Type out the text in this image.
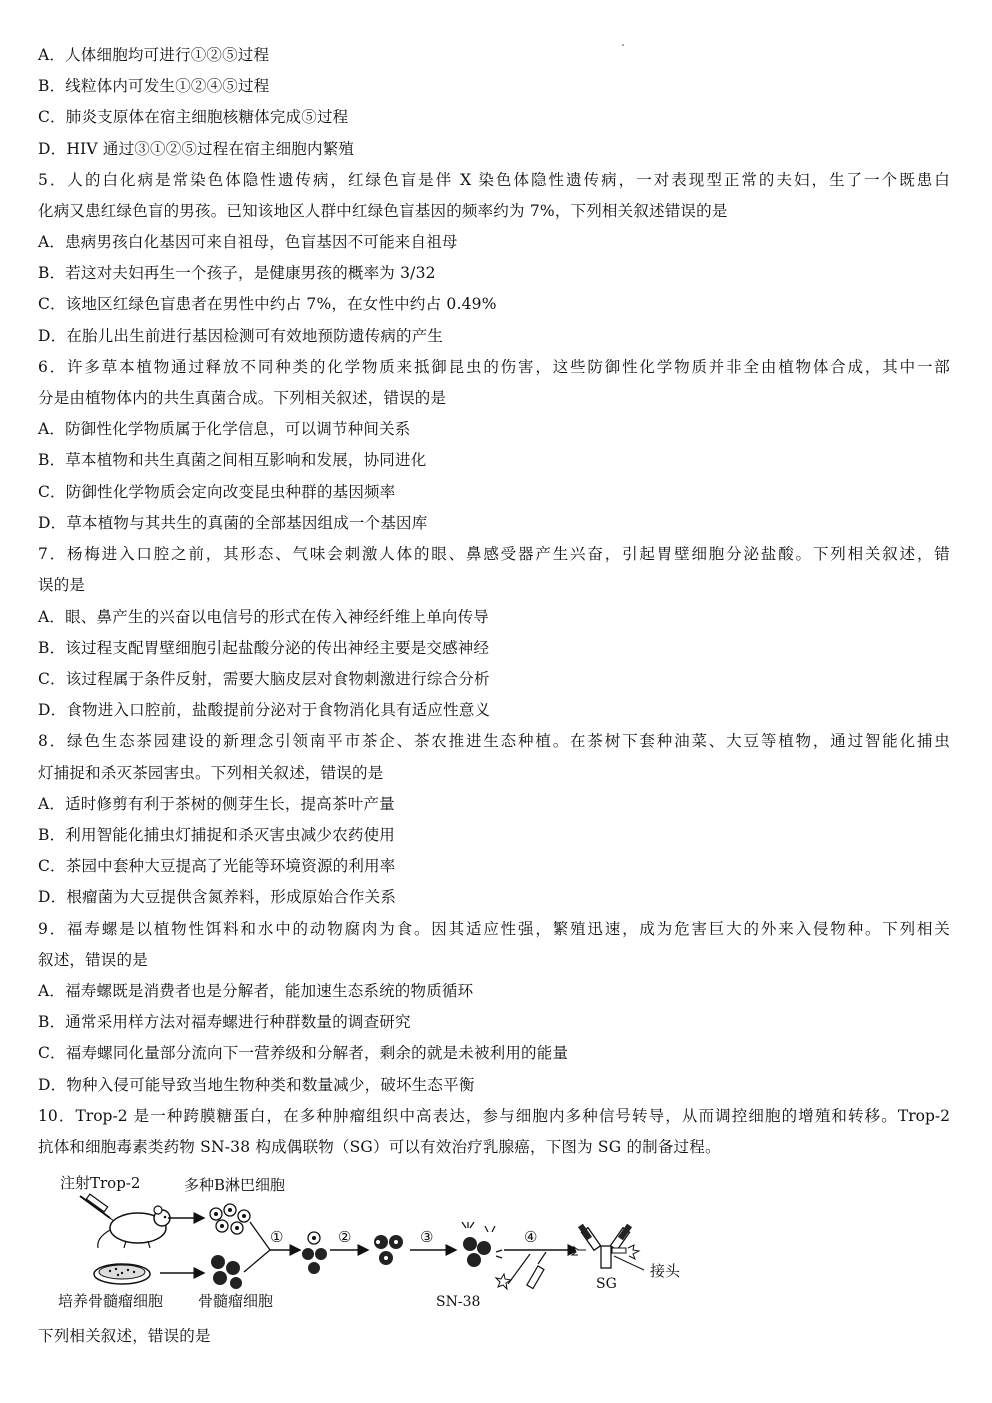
A．人体细胞均可进行①②⑤过程
B．线粒体内可发生①②④⑤过程
C．肺炎支原体在宿主细胞核糖体完成⑤过程
D．HIV 通过③①②⑤过程在宿主细胞内繁殖
5．人的白化病是常染色体隐性遗传病，红绿色盲是伴 X 染色体隐性遗传病，一对表现型正常的夫妇，生了一个既患白
化病又患红绿色盲的男孩。已知该地区人群中红绿色盲基因的频率约为 7%，下列相关叙述错误的是
A．患病男孩白化基因可来自祖母，色盲基因不可能来自祖母
B．若这对夫妇再生一个孩子，是健康男孩的概率为 3/32
C．该地区红绿色盲患者在男性中约占 7%，在女性中约占 0.49%
D．在胎儿出生前进行基因检测可有效地预防遗传病的产生
6．许多草本植物通过释放不同种类的化学物质来抵御昆虫的伤害，这些防御性化学物质并非全由植物体合成，其中一部
分是由植物体内的共生真菌合成。下列相关叙述，错误的是
A．防御性化学物质属于化学信息，可以调节种间关系
B．草本植物和共生真菌之间相互影响和发展，协同进化
C．防御性化学物质会定向改变昆虫种群的基因频率
D．草本植物与其共生的真菌的全部基因组成一个基因库
7．杨梅进入口腔之前，其形态、气味会刺激人体的眼、鼻感受器产生兴奋，引起胃壁细胞分泌盐酸。下列相关叙述，错
误的是
A．眼、鼻产生的兴奋以电信号的形式在传入神经纤维上单向传导
B．该过程支配胃壁细胞引起盐酸分泌的传出神经主要是交感神经
C．该过程属于条件反射，需要大脑皮层对食物刺激进行综合分析
D．食物进入口腔前，盐酸提前分泌对于食物消化具有适应性意义
8．绿色生态茶园建设的新理念引领南平市茶企、茶农推进生态种植。在茶树下套种油菜、大豆等植物，通过智能化捕虫
灯捕捉和杀灭茶园害虫。下列相关叙述，错误的是
A．适时修剪有利于茶树的侧芽生长，提高茶叶产量
B．利用智能化捕虫灯捕捉和杀灭害虫减少农药使用
C．茶园中套种大豆提高了光能等环境资源的利用率
D．根瘤菌为大豆提供含氮养料，形成原始合作关系
9．福寿螺是以植物性饵料和水中的动物腐肉为食。因其适应性强，繁殖迅速，成为危害巨大的外来入侵物种。下列相关
叙述，错误的是
A．福寿螺既是消费者也是分解者，能加速生态系统的物质循环
B．通常采用样方法对福寿螺进行种群数量的调查研究
C．福寿螺同化量部分流向下一营养级和分解者，剩余的就是未被利用的能量
D．物种入侵可能导致当地生物种类和数量减少，破坏生态平衡
10．Trop-2 是一种跨膜糖蛋白，在多种肿瘤组织中高表达，参与细胞内多种信号转导，从而调控细胞的增殖和转移。Trop-2
抗体和细胞毒素类药物 SN-38 构成偶联物（SG）可以有效治疗乳腺癌，下图为 SG 的制备过程。
注射Trop-2	多种B淋巴细胞
培养骨髓瘤细胞 骨髓瘤细胞
①	②	③	④
SN-38
SG
接头
下列相关叙述，错误的是
